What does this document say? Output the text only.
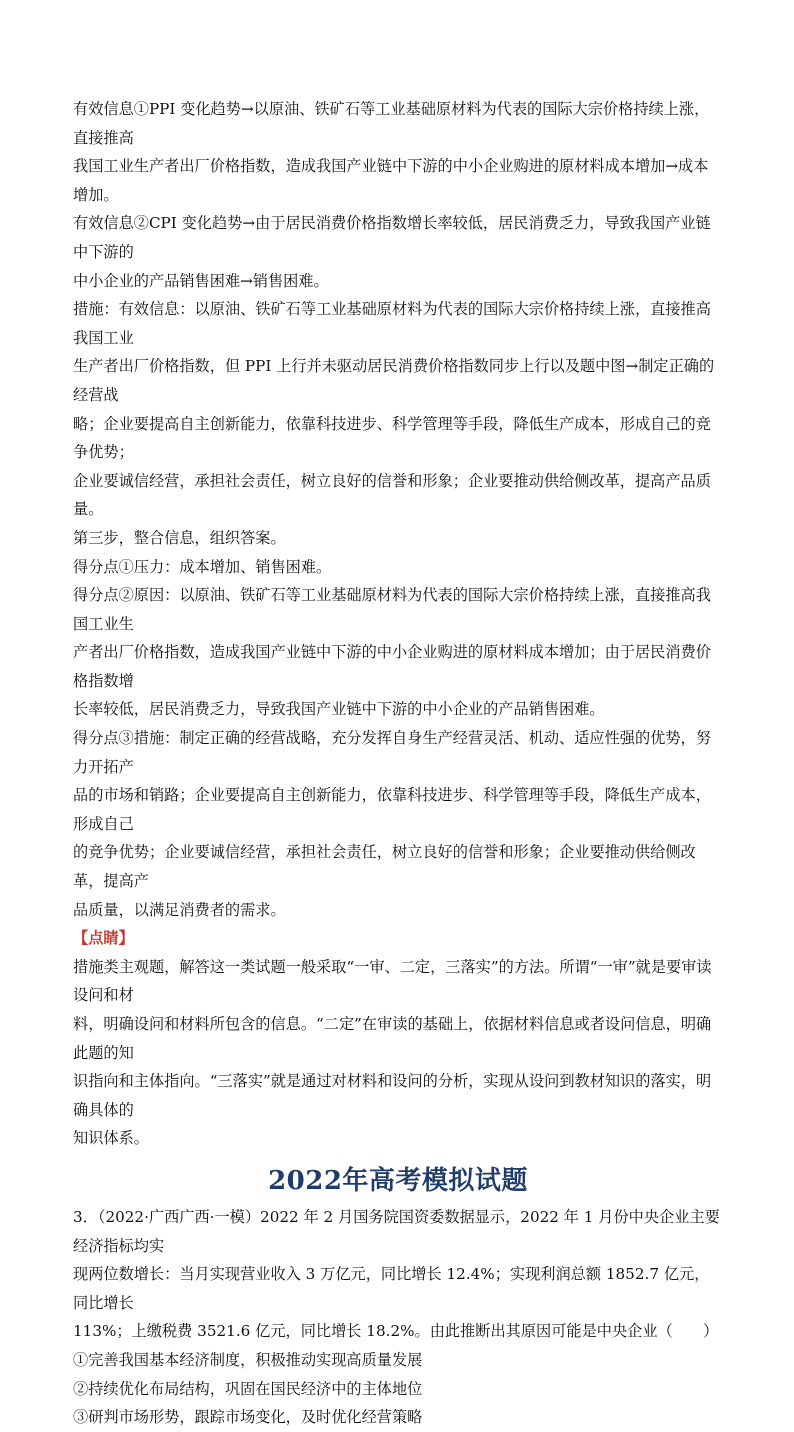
有效信息①PPI 变化趋势→以原油、铁矿石等工业基础原材料为代表的国际大宗价格持续上涨，直接推高

我国工业生产者出厂价格指数，造成我国产业链中下游的中小企业购进的原材料成本增加→成本增加。

有效信息②CPI 变化趋势→由于居民消费价格指数增长率较低，居民消费乏力，导致我国产业链中下游的

中小企业的产品销售困难→销售困难。

措施：有效信息：以原油、铁矿石等工业基础原材料为代表的国际大宗价格持续上涨，直接推高我国工业

生产者出厂价格指数，但 PPI 上行并未驱动居民消费价格指数同步上行以及题中图→制定正确的经营战

略；企业要提高自主创新能力，依靠科技进步、科学管理等手段，降低生产成本，形成自己的竞争优势；

企业要诚信经营，承担社会责任，树立良好的信誉和形象；企业要推动供给侧改革，提高产品质量。

第三步，整合信息，组织答案。

得分点①压力：成本增加、销售困难。

得分点②原因：以原油、铁矿石等工业基础原材料为代表的国际大宗价格持续上涨，直接推高我国工业生

产者出厂价格指数，造成我国产业链中下游的中小企业购进的原材料成本增加；由于居民消费价格指数增

长率较低，居民消费乏力，导致我国产业链中下游的中小企业的产品销售困难。

得分点③措施：制定正确的经营战略，充分发挥自身生产经营灵活、机动、适应性强的优势，努力开拓产

品的市场和销路；企业要提高自主创新能力，依靠科技进步、科学管理等手段，降低生产成本，形成自己

的竞争优势；企业要诚信经营，承担社会责任，树立良好的信誉和形象；企业要推动供给侧改革，提高产

品质量，以满足消费者的需求。

【点睛】

措施类主观题，解答这一类试题一般采取“一审、二定，三落实”的方法。所谓“一审”就是要审读设问和材

料，明确设问和材料所包含的信息。“二定”在审读的基础上，依据材料信息或者设问信息，明确此题的知

识指向和主体指向。“三落实”就是通过对材料和设问的分析，实现从设问到教材知识的落实，明确具体的

知识体系。

2022年高考模拟试题

3．（2022·广西广西·一模）2022 年 2 月国务院国资委数据显示，2022 年 1 月份中央企业主要经济指标均实

现两位数增长：当月实现营业收入 3 万亿元，同比增长 12.4%；实现利润总额 1852.7 亿元，同比增长

113%；上缴税费 3521.6 亿元，同比增长 18.2%。由此推断出其原因可能是中央企业（　　）

①完善我国基本经济制度，积极推动实现高质量发展

②持续优化布局结构，巩固在国民经济中的主体地位

③研判市场形势，跟踪市场变化，及时优化经营策略
